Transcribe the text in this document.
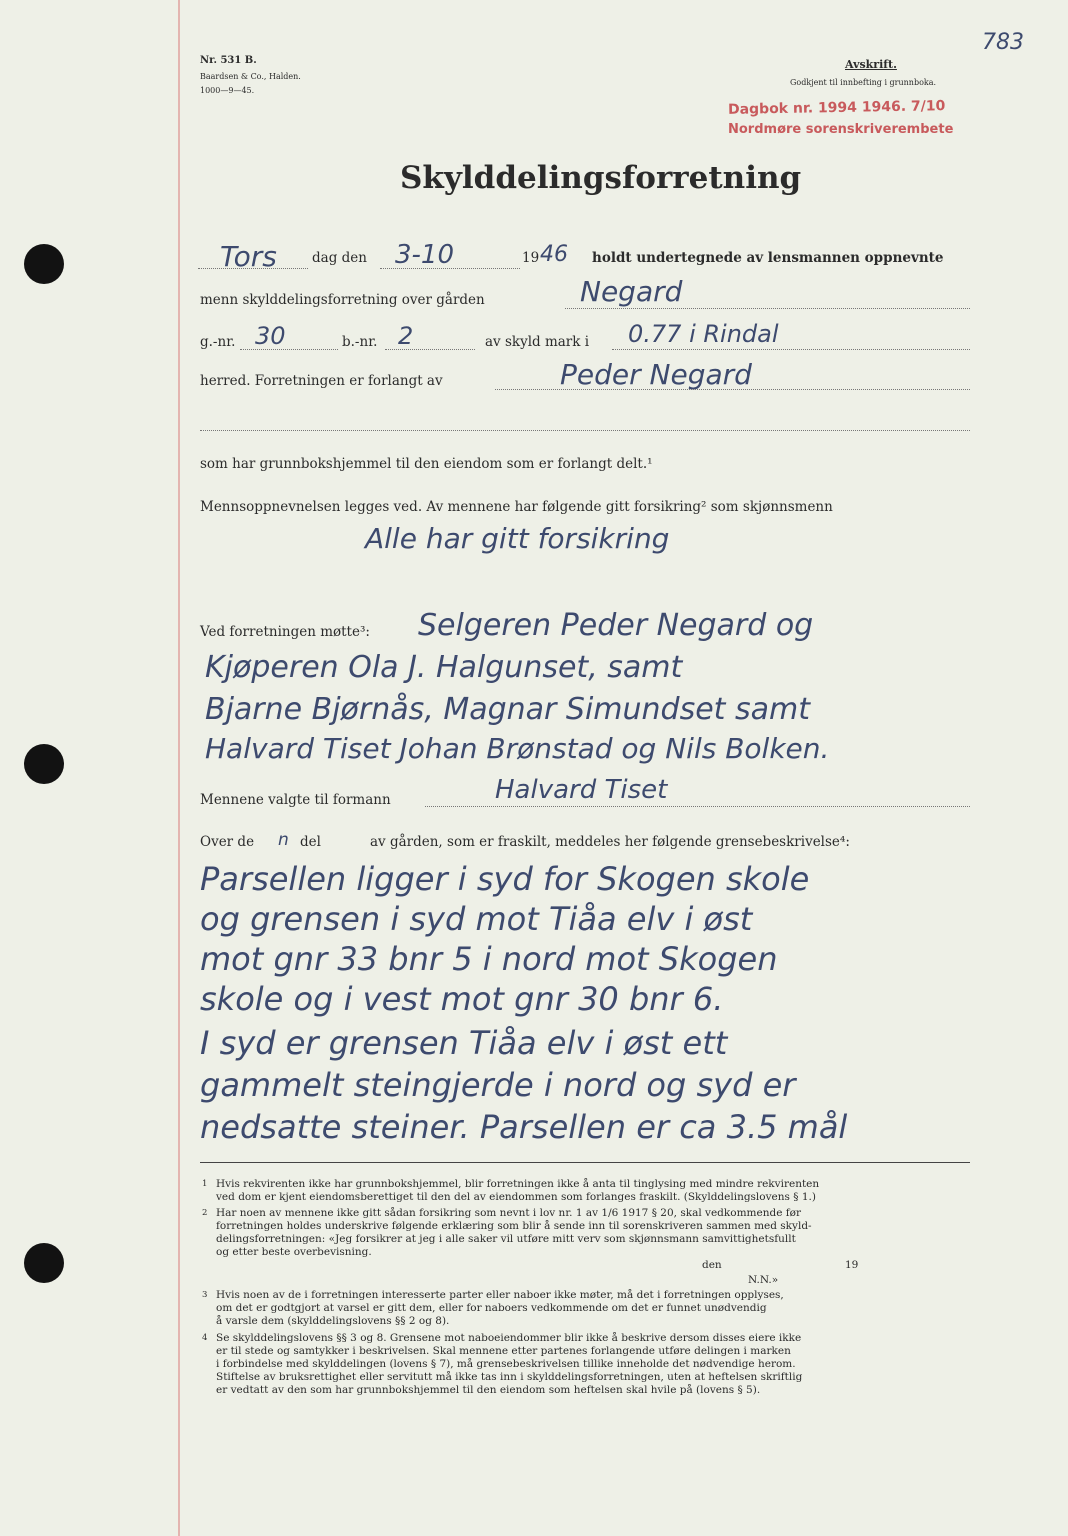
783
Nr. 531 B.
Baardsen & Co., Halden.
1000—9—45.
Avskrift.
Godkjent til innbefting i grunnboka.
Dagbok nr. 1994 1946. 7/10
Nordmøre sorenskriverembete
Skylddelingsforretning
Tors	dag den 3-10	19 46 holdt undertegnede av lensmannen oppnevnte
menn skylddelingsforretning over gården	Negard
g.-nr. 30	b.-nr. 2	av skyld mark i 0.77 i Rindal
herred. Forretningen er forlangt av	Peder Negard
som har grunnbokshjemmel til den eiendom som er forlangt delt.¹
Mennsoppnevnelsen legges ved. Av mennene har følgende gitt forsikring² som skjønnsmenn
Alle har gitt forsikring
Ved forretningen møtte³: Selgeren Peder Negard og
Kjøperen Ola J. Halgunset, samt
Bjarne Bjørnås, Magnar Simundset samt
Halvard Tiset Johan Brønstad og Nils Bolken.
Mennene valgte til formann	Halvard Tiset
Over de n del	av gården, som er fraskilt, meddeles her følgende grensebeskrivelse⁴:
Parsellen ligger i syd for Skogen skole
og grensen i syd mot Tiåa elv i øst
mot gnr 33 bnr 5 i nord mot Skogen
skole og i vest mot gnr 30 bnr 6.
I syd er grensen Tiåa elv i øst ett
gammelt steingjerde i nord og syd er
nedsatte steiner. Parsellen er ca 3.5 mål
1 Hvis rekvirenten ikke har grunnbokshjemmel, blir forretningen ikke å anta til tinglysing med mindre rekvirenten
ved dom er kjent eiendomsberettiget til den del av eiendommen som forlanges fraskilt. (Skylddelingslovens § 1.)
2 Har noen av mennene ikke gitt sådan forsikring som nevnt i lov nr. 1 av 1/6 1917 § 20, skal vedkommende før
forretningen holdes underskrive følgende erklæring som blir å sende inn til sorenskriveren sammen med skyld-
delingsforretningen: «Jeg forsikrer at jeg i alle saker vil utføre mitt verv som skjønnsmann samvittighetsfullt
og etter beste overbevisning.
den	19
N.N.»
3 Hvis noen av de i forretningen interesserte parter eller naboer ikke møter, må det i forretningen opplyses,
om det er godtgjort at varsel er gitt dem, eller for naboers vedkommende om det er funnet unødvendig
å varsle dem (skylddelingslovens §§ 2 og 8).
4 Se skylddelingslovens §§ 3 og 8. Grensene mot naboeiendommer blir ikke å beskrive dersom disses eiere ikke
er til stede og samtykker i beskrivelsen. Skal mennene etter partenes forlangende utføre delingen i marken
i forbindelse med skylddelingen (lovens § 7), må grensebeskrivelsen tillike inneholde det nødvendige herom.
Stiftelse av bruksrettighet eller servitutt må ikke tas inn i skylddelingsforretningen, uten at heftelsen skriftlig
er vedtatt av den som har grunnbokshjemmel til den eiendom som heftelsen skal hvile på (lovens § 5).
